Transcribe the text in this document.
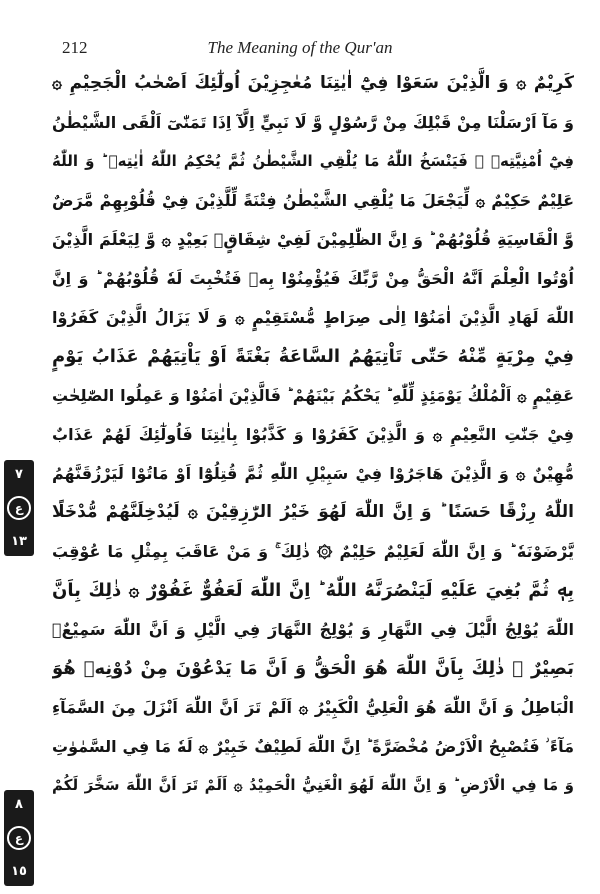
212	The Meaning of the Qur'an
كَرِيْمٌ ۞ وَ الَّذِيْنَ سَعَوْا فِيْٓ اٰيٰتِنَا مُعٰجِزِيْنَ اُولٰٓئِكَ اَصْحٰبُ الْجَحِيْمِ ۞
وَ مَآ اَرْسَلْنَا مِنْ قَبْلِكَ مِنْ رَّسُوْلٍ وَّ لَا نَبِيٍّ اِلَّآ اِذَا تَمَنّٰىٓ اَلْقَى الشَّيْطٰنُ
فِيْٓ اُمْنِيَّتِهٖ ۚ فَيَنْسَخُ اللّٰهُ مَا يُلْقِي الشَّيْطٰنُ ثُمَّ يُحْكِمُ اللّٰهُ اٰيٰتِهٖ ؕ وَ اللّٰهُ
عَلِيْمٌ حَكِيْمٌ ۞ لِّيَجْعَلَ مَا يُلْقِي الشَّيْطٰنُ فِتْنَةً لِّلَّذِيْنَ فِيْ قُلُوْبِهِمْ مَّرَضٌ
وَّ الْقَاسِيَةِ قُلُوْبُهُمْ ؕ وَ اِنَّ الظّٰلِمِيْنَ لَفِيْ شِقَاقٍۭ بَعِيْدٍ ۞ وَّ لِيَعْلَمَ الَّذِيْنَ
اُوْتُوا الْعِلْمَ اَنَّهُ الْحَقُّ مِنْ رَّبِّكَ فَيُؤْمِنُوْا بِهٖ فَتُخْبِتَ لَهٗ قُلُوْبُهُمْ ؕ وَ اِنَّ
اللّٰهَ لَهَادِ الَّذِيْنَ اٰمَنُوْٓا اِلٰى صِرَاطٍ مُّسْتَقِيْمٍ ۞ وَ لَا يَزَالُ الَّذِيْنَ كَفَرُوْا
فِيْ مِرْيَةٍ مِّنْهُ حَتّٰى تَاْتِيَهُمُ السَّاعَةُ بَغْتَةً اَوْ يَاْتِيَهُمْ عَذَابُ يَوْمٍ
عَقِيْمٍ ۞ اَلْمُلْكُ يَوْمَئِذٍ لِّلّٰهِ ؕ يَحْكُمُ بَيْنَهُمْ ؕ فَالَّذِيْنَ اٰمَنُوْا وَ عَمِلُوا الصّٰلِحٰتِ
فِيْ جَنّٰتِ النَّعِيْمِ ۞ وَ الَّذِيْنَ كَفَرُوْا وَ كَذَّبُوْا بِاٰيٰتِنَا فَاُولٰٓئِكَ لَهُمْ عَذَابٌ
مُّهِيْنٌ ۞ وَ الَّذِيْنَ هَاجَرُوْا فِيْ سَبِيْلِ اللّٰهِ ثُمَّ قُتِلُوْٓا اَوْ مَاتُوْا لَيَرْزُقَنَّهُمُ
اللّٰهُ رِزْقًا حَسَنًا ؕ وَ اِنَّ اللّٰهَ لَهُوَ خَيْرُ الرّٰزِقِيْنَ ۞ لَيُدْخِلَنَّهُمْ مُّدْخَلًا
يَّرْضَوْنَهٗ ؕ وَ اِنَّ اللّٰهَ لَعَلِيْمٌ حَلِيْمٌ ۞ ذٰلِكَ ۚ وَ مَنْ عَاقَبَ بِمِثْلِ مَا عُوْقِبَ
بِهٖ ثُمَّ بُغِيَ عَلَيْهِ لَيَنْصُرَنَّهُ اللّٰهُ ؕ اِنَّ اللّٰهَ لَعَفُوٌّ غَفُوْرٌ ۞ ذٰلِكَ بِاَنَّ
اللّٰهَ يُوْلِجُ الَّيْلَ فِي النَّهَارِ وَ يُوْلِجُ النَّهَارَ فِي الَّيْلِ وَ اَنَّ اللّٰهَ سَمِيْعٌۢ
بَصِيْرٌ ۞ ذٰلِكَ بِاَنَّ اللّٰهَ هُوَ الْحَقُّ وَ اَنَّ مَا يَدْعُوْنَ مِنْ دُوْنِهٖ هُوَ
الْبَاطِلُ وَ اَنَّ اللّٰهَ هُوَ الْعَلِيُّ الْكَبِيْرُ ۞ اَلَمْ تَرَ اَنَّ اللّٰهَ اَنْزَلَ مِنَ السَّمَآءِ
مَآءً ؗ فَتُصْبِحُ الْاَرْضُ مُخْضَرَّةً ؕ اِنَّ اللّٰهَ لَطِيْفٌ خَبِيْرٌ ۞ لَهٗ مَا فِي السَّمٰوٰتِ
وَ مَا فِي الْاَرْضِ ؕ وَ اِنَّ اللّٰهَ لَهُوَ الْغَنِيُّ الْحَمِيْدُ ۞ اَلَمْ تَرَ اَنَّ اللّٰهَ سَخَّرَ لَكُمْ
٧
ع
١٣
٨
ع
١٥
